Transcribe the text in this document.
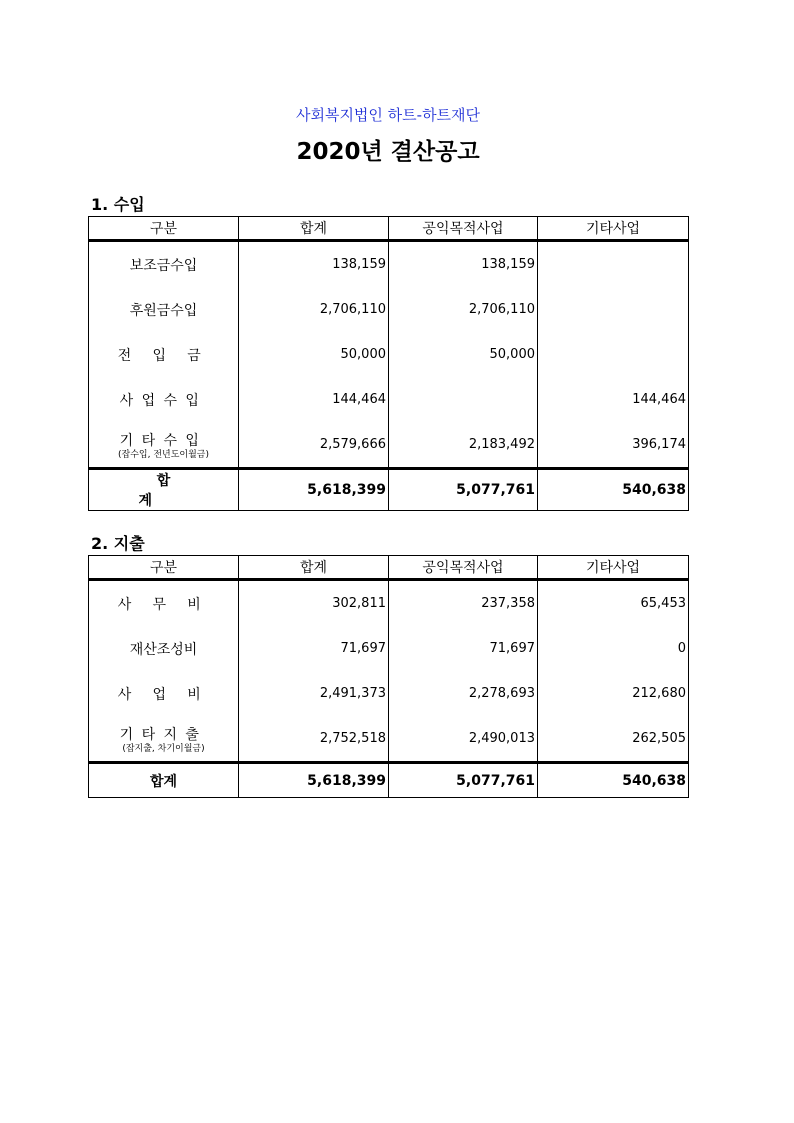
사회복지법인 하트-하트재단
2020년 결산공고
1. 수입
구분	합계	공익목적사업	기타사업
보조금수입	138,159	138,159	
후원금수입	2,706,110	2,706,110	
전 입 금	50,000	50,000	
사업수입	144,464		144,464
기타수입
(잡수입, 전년도이월금)	2,579,666	2,183,492	396,174
합 계	5,618,399	5,077,761	540,638
2. 지출
구분	합계	공익목적사업	기타사업
사 무 비	302,811	237,358	65,453
재산조성비	71,697	71,697	0
사 업 비	2,491,373	2,278,693	212,680
기타지출
(잡지출, 차기이월금)	2,752,518	2,490,013	262,505
합계	5,618,399	5,077,761	540,638
